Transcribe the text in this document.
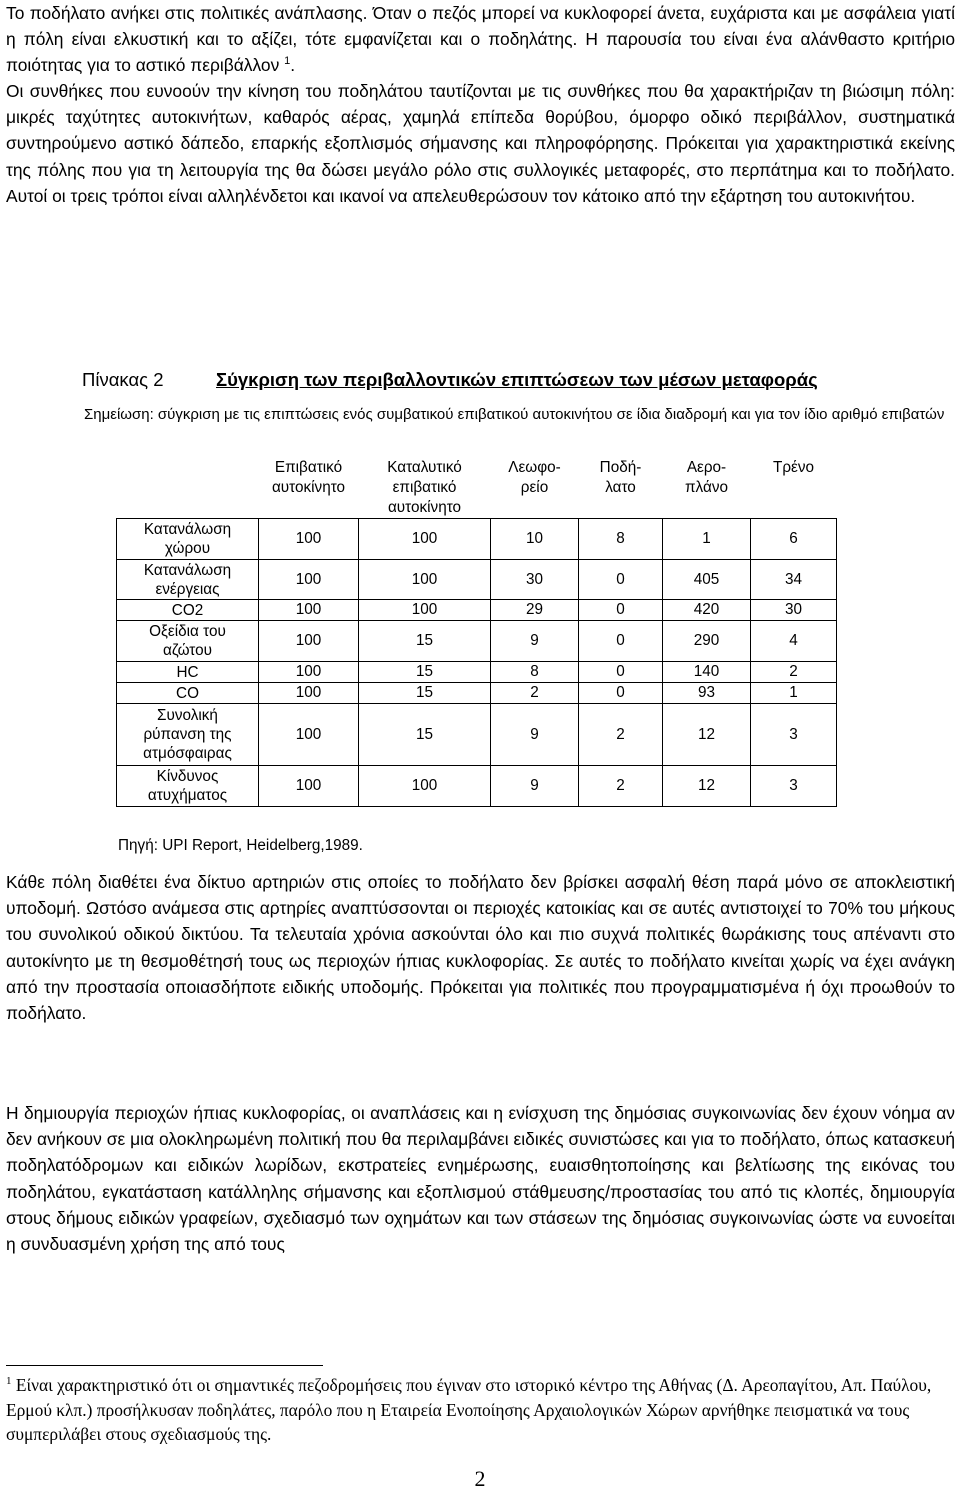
Το ποδήλατο ανήκει στις πολιτικές ανάπλασης. Όταν ο πεζός μπορεί να κυκλοφορεί άνετα, ευχάριστα και με ασφάλεια γιατί η πόλη είναι ελκυστική και το αξίζει, τότε εμφανίζεται και ο ποδηλάτης. Η παρουσία του είναι ένα αλάνθαστο κριτήριο ποιότητας για το αστικό περιβάλλον $^1$.

Οι συνθήκες που ευνοούν την κίνηση του ποδηλάτου ταυτίζονται με τις συνθήκες που θα χαρακτήριζαν τη βιώσιμη πόλη: μικρές ταχύτητες αυτοκινήτων, καθαρός αέρας, χαμηλά επίπεδα θορύβου, όμορφο οδικό περιβάλλον, συστηματικά συντηρούμενο αστικό δάπεδο, επαρκής εξοπλισμός σήμανσης και πληροφόρησης. Πρόκειται για χαρακτηριστικά εκείνης της πόλης που για τη λειτουργία της θα δώσει μεγάλο ρόλο στις συλλογικές μεταφορές, στο περπάτημα και το ποδήλατο. Αυτοί οι τρεις τρόποι είναι αλληλένδετοι και ικανοί να απελευθερώσουν τον κάτοικο από την εξάρτηση του αυτοκινήτου.

Πίνακας 2	Σύγκριση των περιβαλλοντικών επιπτώσεων των μέσων μεταφοράς

Σημείωση: σύγκριση με τις επιπτώσεις ενός συμβατικού επιβατικού αυτοκινήτου σε ίδια διαδρομή και για τον ίδιο αριθμό επιβατών

	Επιβατικό
αυτοκίνητο	Καταλυτικό
επιβατικό
αυτοκίνητο	Λεωφο-
ρείο	Ποδή-
λατο	Αερο-
πλάνο	Τρένο
Κατανάλωση
χώρου	100	100	10	8	1	6
Κατανάλωση
ενέργειας	100	100	30	0	405	34
CO2	100	100	29	0	420	30
Οξείδια του
αζώτου	100	15	9	0	290	4
HC	100	15	8	0	140	2
CO	100	15	2	0	93	1
Συνολική
ρύπανση της
ατμόσφαιρας	100	15	9	2	12	3
Κίνδυνος
ατυχήματος	100	100	9	2	12	3
Πηγή: UPI Report, Heidelberg,1989.

Κάθε πόλη διαθέτει ένα δίκτυο αρτηριών στις οποίες το ποδήλατο δεν βρίσκει ασφαλή θέση παρά μόνο σε αποκλειστική υποδομή. Ωστόσο ανάμεσα στις αρτηρίες αναπτύσσονται οι περιοχές κατοικίας και σε αυτές αντιστοιχεί το 70% του μήκους του συνολικού οδικού δικτύου. Τα τελευταία χρόνια ασκούνται όλο και πιο συχνά πολιτικές θωράκισης τους απέναντι στο αυτοκίνητο με τη θεσμοθέτησή τους ως περιοχών ήπιας κυκλοφορίας. Σε αυτές το ποδήλατο κινείται χωρίς να έχει ανάγκη από την προστασία οποιασδήποτε ειδικής υποδομής. Πρόκειται για πολιτικές που προγραμματισμένα ή όχι προωθούν το ποδήλατο.

Η δημιουργία περιοχών ήπιας κυκλοφορίας, οι αναπλάσεις και η ενίσχυση της δημόσιας συγκοινωνίας δεν έχουν νόημα αν δεν ανήκουν σε μια ολοκληρωμένη πολιτική που θα περιλαμβάνει ειδικές συνιστώσες και για το ποδήλατο, όπως κατασκευή ποδηλατόδρομων και ειδικών λωρίδων, εκστρατείες ενημέρωσης, ευαισθητοποίησης και βελτίωσης της εικόνας του ποδηλάτου, εγκατάσταση κατάλληλης σήμανσης και εξοπλισμού στάθμευσης/προστασίας του από τις κλοπές, δημιουργία στους δήμους ειδικών γραφείων, σχεδιασμό των οχημάτων και των στάσεων της δημόσιας συγκοινωνίας ώστε να ευνοείται η συνδυασμένη χρήση της από τους

$^1$ Είναι χαρακτηριστικό ότι οι σημαντικές πεζοδρομήσεις που έγιναν στο ιστορικό κέντρο της Αθήνας (Δ. Αρεοπαγίτου, Απ. Παύλου, Ερμού κλπ.) προσήλκυσαν ποδηλάτες, παρόλο που η Εταιρεία Ενοποίησης Αρχαιολογικών Χώρων αρνήθηκε πεισματικά να τους συμπεριλάβει στους σχεδιασμούς της.

2
